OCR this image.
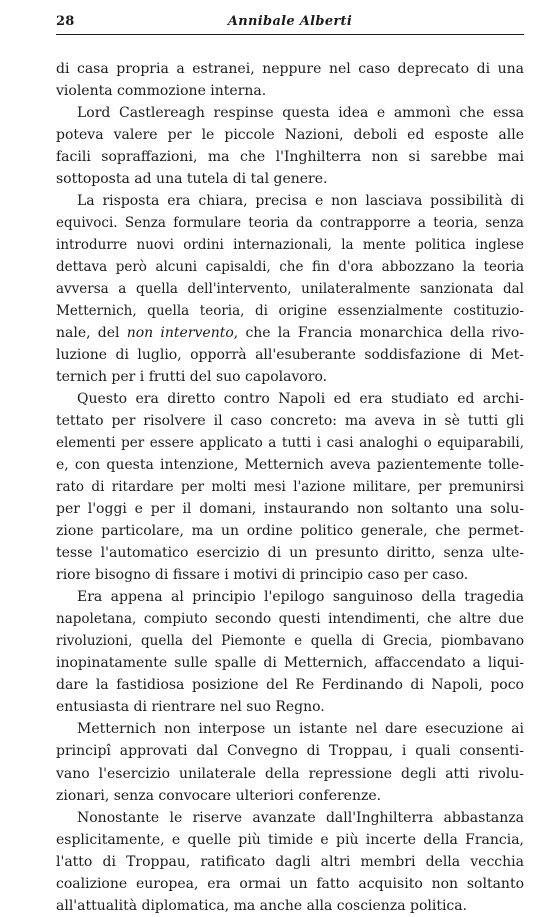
28	Annibale Alberti
di casa propria a estranei, neppure nel caso deprecato di una
violenta commozione interna.
Lord Castlereagh respinse questa idea e ammonì che essa
poteva valere per le piccole Nazioni, deboli ed esposte alle
facili sopraffazioni, ma che l'Inghilterra non si sarebbe mai
sottoposta ad una tutela di tal genere.
La risposta era chiara, precisa e non lasciava possibilità di
equivoci. Senza formulare teoria da contrapporre a teoria, senza
introdurre nuovi ordini internazionali, la mente politica inglese
dettava però alcuni capisaldi, che fin d'ora abbozzano la teoria
avversa a quella dell'intervento, unilateralmente sanzionata dal
Metternich, quella teoria, di origine essenzialmente costituzio-
nale, del non intervento, che la Francia monarchica della rivo-
luzione di luglio, opporrà all'esuberante soddisfazione di Met-
ternich per i frutti del suo capolavoro.
Questo era diretto contro Napoli ed era studiato ed archi-
tettato per risolvere il caso concreto: ma aveva in sè tutti gli
elementi per essere applicato a tutti i casi analoghi o equiparabili,
e, con questa intenzione, Metternich aveva pazientemente tolle-
rato di ritardare per molti mesi l'azione militare, per premunirsi
per l'oggi e per il domani, instaurando non soltanto una solu-
zione particolare, ma un ordine politico generale, che permet-
tesse l'automatico esercizio di un presunto diritto, senza ulte-
riore bisogno di fissare i motivi di principio caso per caso.
Era appena al principio l'epilogo sanguinoso della tragedia
napoletana, compiuto secondo questi intendimenti, che altre due
rivoluzioni, quella del Piemonte e quella di Grecia, piombavano
inopinatamente sulle spalle di Metternich, affaccendato a liqui-
dare la fastidiosa posizione del Re Ferdinando di Napoli, poco
entusiasta di rientrare nel suo Regno.
Metternich non interpose un istante nel dare esecuzione ai
principî approvati dal Convegno di Troppau, i quali consenti-
vano l'esercizio unilaterale della repressione degli atti rivolu-
zionari, senza convocare ulteriori conferenze.
Nonostante le riserve avanzate dall'Inghilterra abbastanza
esplicitamente, e quelle più timide e più incerte della Francia,
l'atto di Troppau, ratificato dagli altri membri della vecchia
coalizione europea, era ormai un fatto acquisito non soltanto
all'attualità diplomatica, ma anche alla coscienza politica.
